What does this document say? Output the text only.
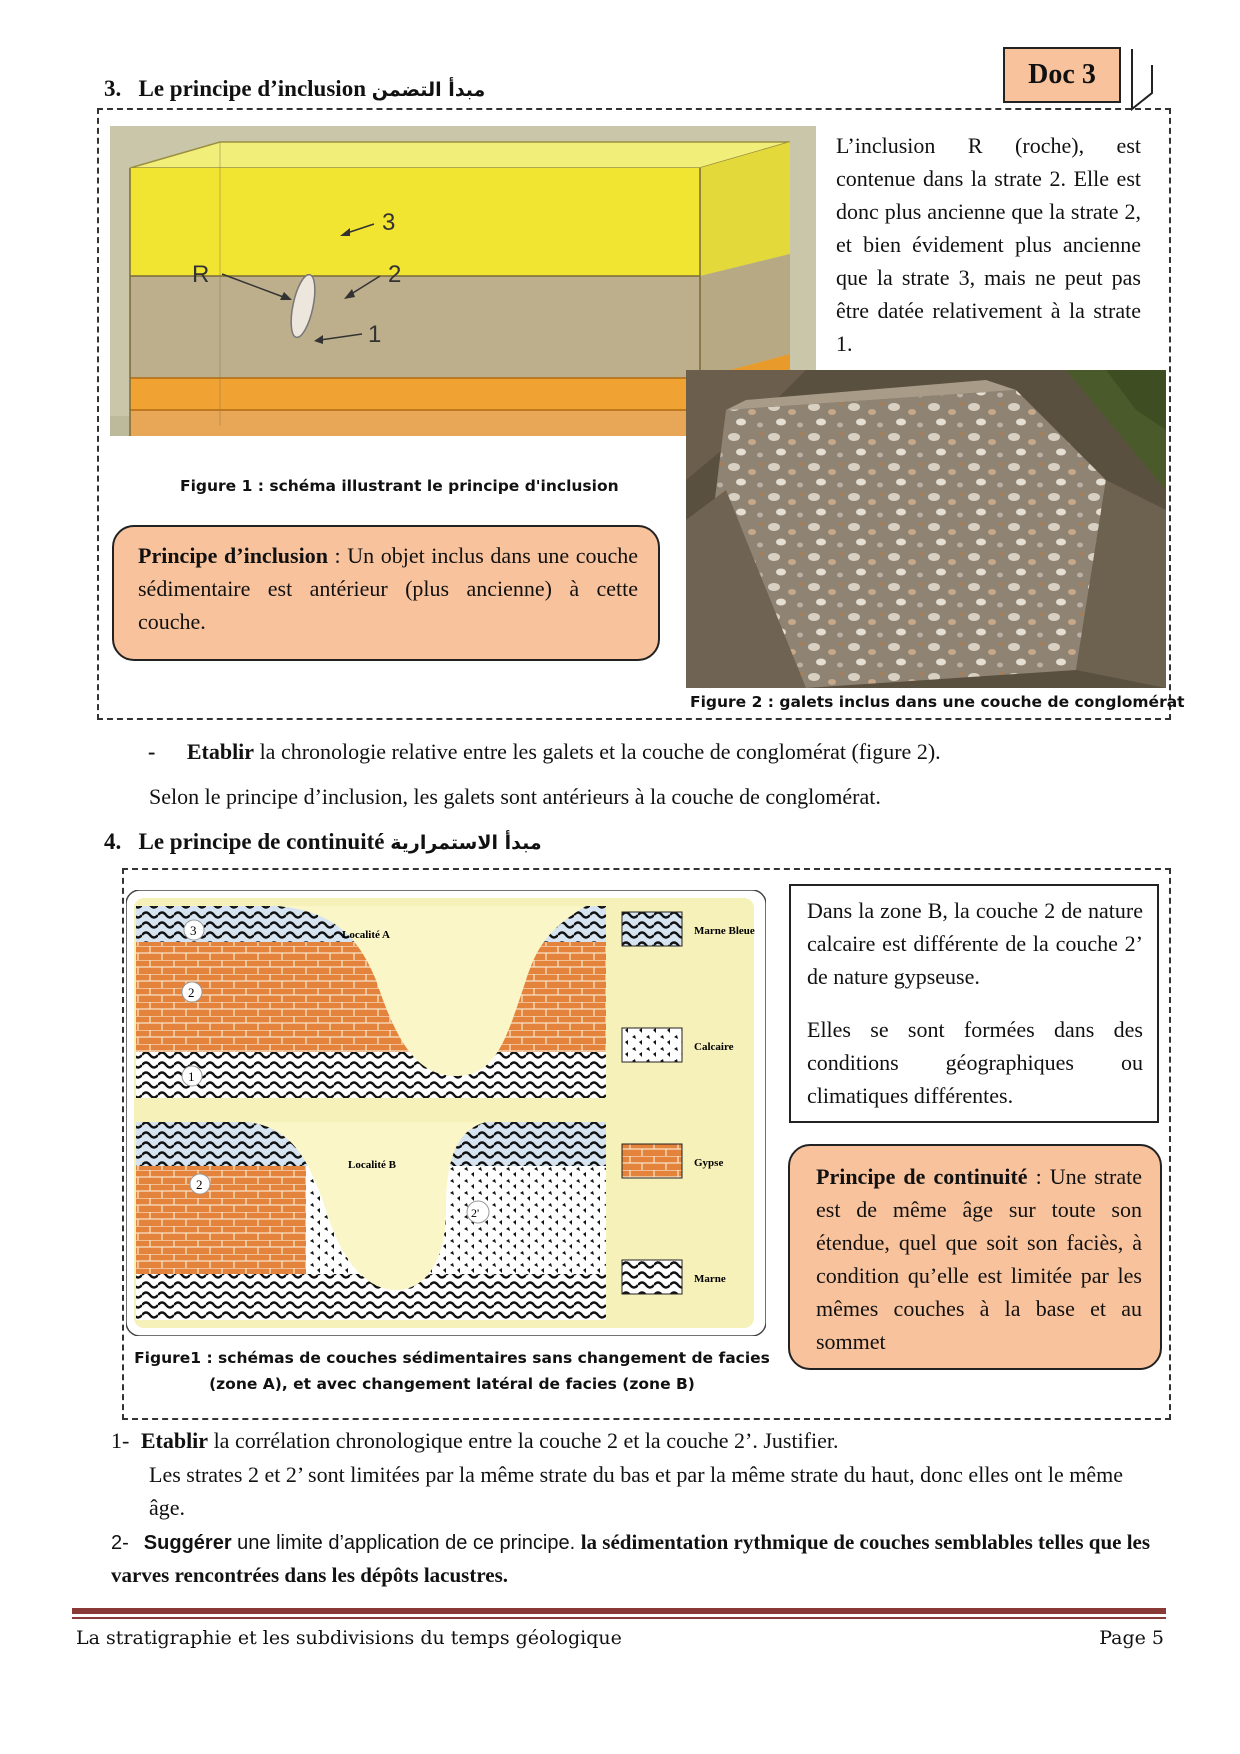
Doc 3
3. Le principe d’inclusion مبدأ التضمن
3
2
1
R
L’inclusion R (roche), est contenue dans la strate 2. Elle est donc plus ancienne que la strate 2, et bien évidement plus ancienne que la strate 3, mais ne peut pas être datée relativement à la strate 1.
Figure 1 : schéma illustrant le principe d'inclusion
Figure 2 : galets inclus dans une couche de conglomérat
Principe d’inclusion : Un objet inclus dans une couche sédimentaire est antérieur (plus ancienne) à cette couche.
- Etablir la chronologie relative entre les galets et la couche de conglomérat (figure 2).
Selon le principe d’inclusion, les galets sont antérieurs à la couche de conglomérat.
4. Le principe de continuité مبدأ الاستمرارية
3
2
1
Localité A
2
2'
Localité B
Marne Bleue
Calcaire
Gypse
Marne
Figure1 : schémas de couches sédimentaires sans changement de facies
(zone A), et avec changement latéral de facies (zone B)
Dans la zone B, la couche 2 de nature calcaire est différente de la couche 2’ de nature gypseuse.
Elles se sont formées dans des conditions géographiques ou climatiques différentes.
Principe de continuité : Une strate est de même âge sur toute son étendue, quel que soit son faciès, à condition qu’elle est limitée par les mêmes couches à la base et au sommet
1- Etablir la corrélation chronologique entre la couche 2 et la couche 2’. Justifier.
Les strates 2 et 2’ sont limitées par la même strate du bas et par la même strate du haut, donc elles ont le même âge.
2- Suggérer une limite d’application de ce principe. la sédimentation rythmique de couches semblables telles que les varves rencontrées dans les dépôts lacustres.
La stratigraphie et les subdivisions du temps géologique	Page 5
